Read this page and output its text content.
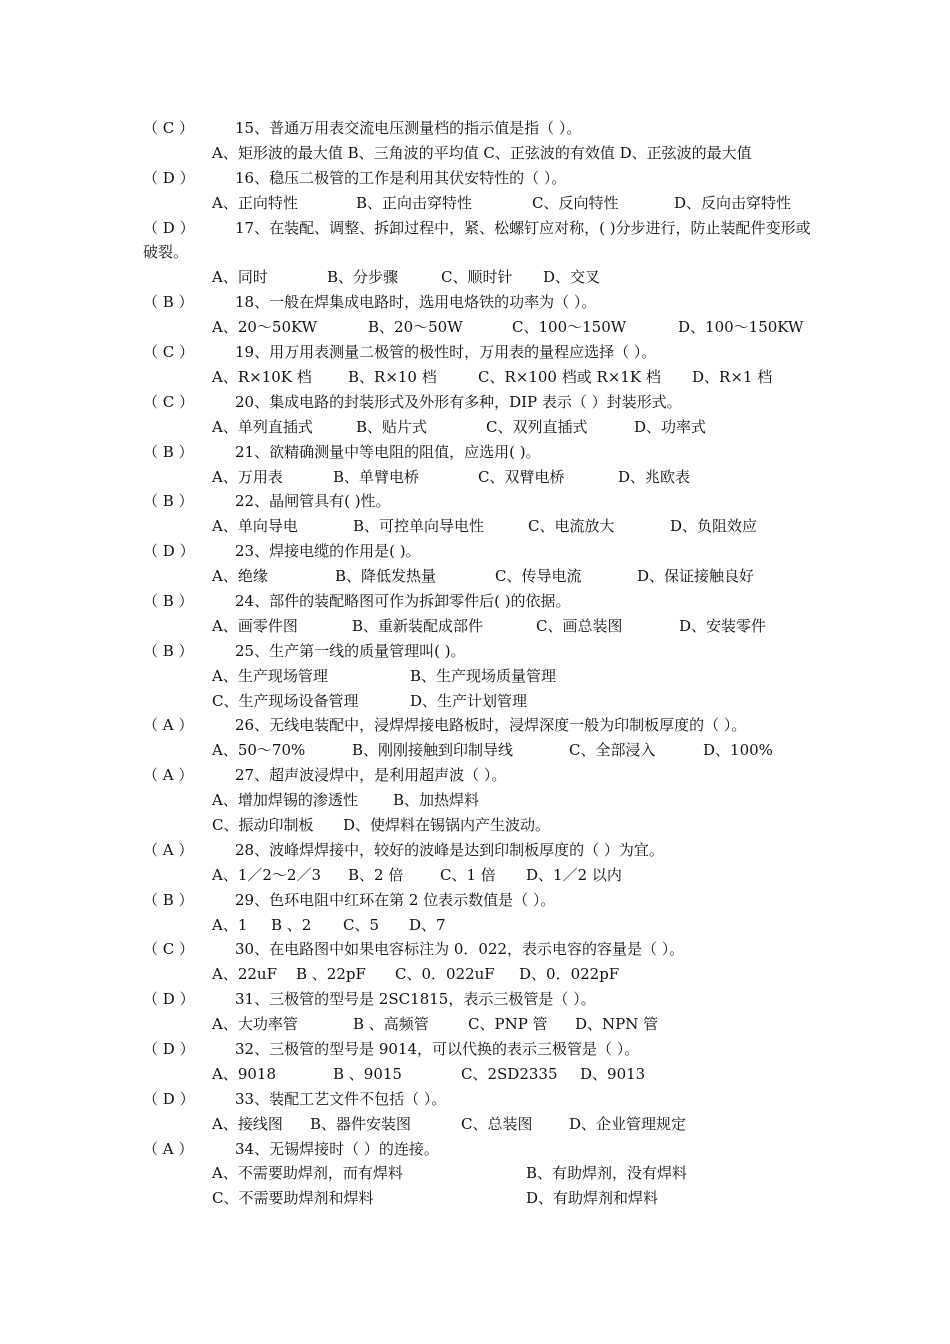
（ C ）	15、普通万用表交流电压测量档的指示值是指（ ）。
A、矩形波的最大值 B、三角波的平均值 C、正弦波的有效值 D、正弦波的最大值
（ D ）	16、稳压二极管的工作是利用其伏安特性的（ ）。
A、正向特性	B、正向击穿特性	C、反向特性	D、反向击穿特性
（ D ）	17、在装配、调整、拆卸过程中，紧、松螺钉应对称，( )分步进行，防止装配件变形或破裂。
A、同时	B、分步骤	C、顺时针 D、交叉
（ B ）	18、一般在焊集成电路时，选用电烙铁的功率为（ ）。
A、20～50KW	B、20～50W	C、100～150W	D、100～150KW
（ C ）	19、用万用表测量二极管的极性时，万用表的量程应选择（ ）。
A、R×10K 档 B、R×10 档	C、R×100 档或 R×1K 档 D、R×1 档
（ C ）	20、集成电路的封装形式及外形有多种，DIP 表示（ ）封装形式。
A、单列直插式	B、贴片式	C、双列直插式	D、功率式
（ B ）	21、欲精确测量中等电阻的阻值，应选用( )。
A、万用表	B、单臂电桥	C、双臂电桥	D、兆欧表
（ B ）	22、晶闸管具有( )性。
A、单向导电	B、可控单向导电性	C、电流放大	D、负阻效应
（ D ）	23、焊接电缆的作用是( )。
A、绝缘	B、降低发热量	C、传导电流	D、保证接触良好
（ B ）	24、部件的装配略图可作为拆卸零件后( )的依据。
A、画零件图	B、重新装配成部件	C、画总装图	D、安装零件
（ B ）	25、生产第一线的质量管理叫( )。
A、生产现场管理	B、生产现场质量管理
C、生产现场设备管理	D、生产计划管理
（ A ）	26、无线电装配中，浸焊焊接电路板时，浸焊深度一般为印制板厚度的（ ）。
A、50～70%	B、刚刚接触到印制导线	C、全部浸入	D、100%
（ A ）	27、超声波浸焊中，是利用超声波（ ）。
A、增加焊锡的渗透性 B、加热焊料
C、振动印制板 D、使焊料在锡锅内产生波动。
（ A ）	28、波峰焊焊接中，较好的波峰是达到印制板厚度的（ ）为宜。
A、1／2～2／3 B、2 倍 C、1 倍 D、1／2 以内
（ B ）	29、色环电阻中红环在第 2 位表示数值是（ ）。
A、1 B 、2 C、5 D、7
（ C ）	30、在电路图中如果电容标注为 0．022，表示电容的容量是（ ）。
A、22uF B 、22pF C、0．022uF D、0．022pF
（ D ）	31、三极管的型号是 2SC1815，表示三极管是（ ）。
A、大功率管	B 、高频管	C、PNP 管 D、NPN 管
（ D ）	32、三极管的型号是 9014，可以代换的表示三极管是（ ）。
A、9018	B 、9015	C、2SD2335 D、9013
（ D ）	33、装配工艺文件不包括（ ）。
A、接线图 B、器件安装图	C、总装图 D、企业管理规定
（ A ）	34、无锡焊接时（ ）的连接。
A、不需要助焊剂，而有焊料	B、有助焊剂，没有焊料
C、不需要助焊剂和焊料	D、有助焊剂和焊料
